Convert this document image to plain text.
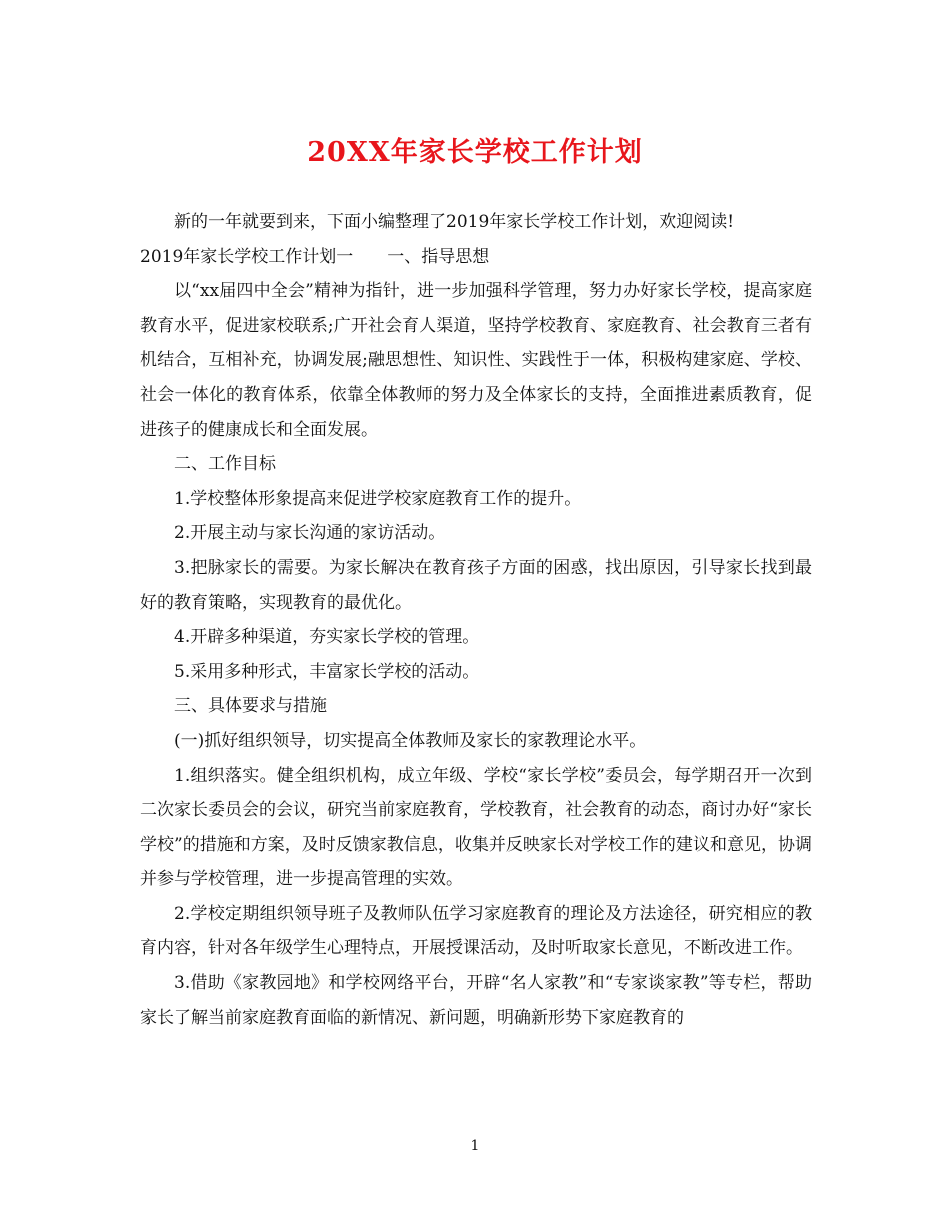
20XX年家长学校工作计划

新的一年就要到来，下面小编整理了2019年家长学校工作计划，欢迎阅读!

2019年家长学校工作计划一　　一、指导思想

以“xx届四中全会”精神为指针，进一步加强科学管理，努力办好家长学校，提高家庭教育水平，促进家校联系;广开社会育人渠道，坚持学校教育、家庭教育、社会教育三者有机结合，互相补充，协调发展;融思想性、知识性、实践性于一体，积极构建家庭、学校、社会一体化的教育体系，依靠全体教师的努力及全体家长的支持，全面推进素质教育，促进孩子的健康成长和全面发展。

二、工作目标

1.学校整体形象提高来促进学校家庭教育工作的提升。

2.开展主动与家长沟通的家访活动。

3.把脉家长的需要。为家长解决在教育孩子方面的困惑，找出原因，引导家长找到最好的教育策略，实现教育的最优化。

4.开辟多种渠道，夯实家长学校的管理。

5.采用多种形式，丰富家长学校的活动。

三、具体要求与措施

(一)抓好组织领导，切实提高全体教师及家长的家教理论水平。

1.组织落实。健全组织机构，成立年级、学校“家长学校”委员会，每学期召开一次到二次家长委员会的会议，研究当前家庭教育，学校教育，社会教育的动态，商讨办好“家长学校”的措施和方案，及时反馈家教信息，收集并反映家长对学校工作的建议和意见，协调并参与学校管理，进一步提高管理的实效。

2.学校定期组织领导班子及教师队伍学习家庭教育的理论及方法途径，研究相应的教育内容，针对各年级学生心理特点，开展授课活动，及时听取家长意见，不断改进工作。

3.借助《家教园地》和学校网络平台，开辟“名人家教”和“专家谈家教”等专栏，帮助家长了解当前家庭教育面临的新情况、新问题，明确新形势下家庭教育的

1
